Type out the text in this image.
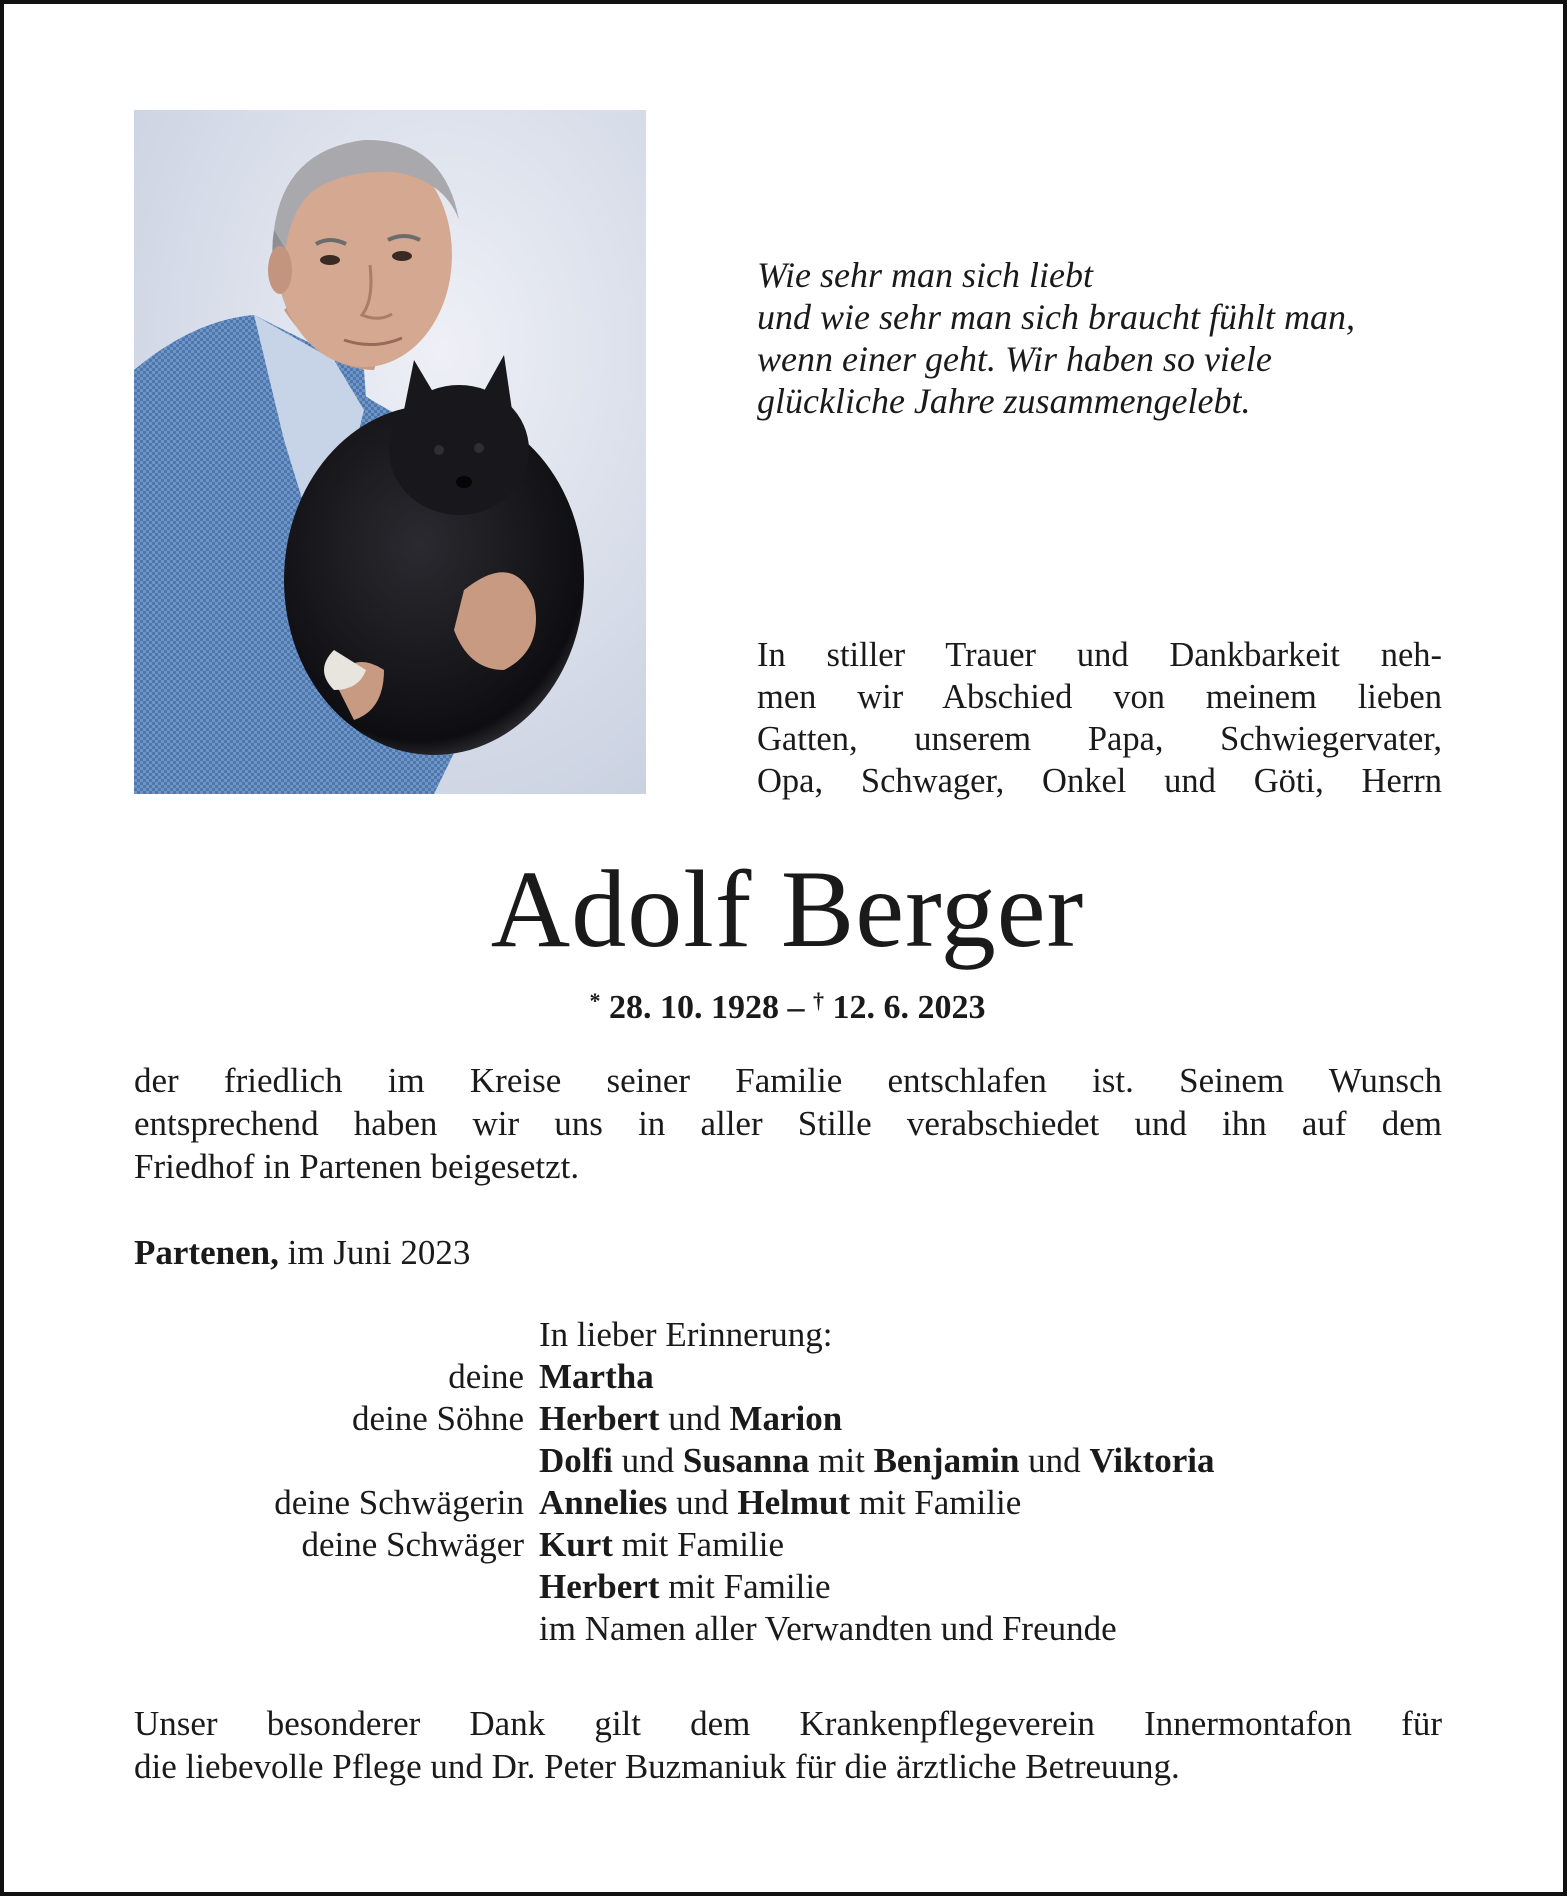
Wie sehr man sich liebt
und wie sehr man sich braucht fühlt man,
wenn einer geht. Wir haben so viele
glückliche Jahre zusammengelebt.
In stiller Trauer und Dankbarkeit neh-
men wir Abschied von meinem lieben
Gatten, unserem Papa, Schwiegervater,
Opa, Schwager, Onkel und Göti, Herrn
Adolf Berger
* 28. 10. 1928 – † 12. 6. 2023
der friedlich im Kreise seiner Familie entschlafen ist. Seinem Wunsch
entsprechend haben wir uns in aller Stille verabschiedet und ihn auf dem
Friedhof in Partenen beigesetzt.
Partenen, im Juni 2023
In lieber Erinnerung:
deine Martha
deine Söhne Herbert und Marion
Dolfi und Susanna mit Benjamin und Viktoria
deine Schwägerin Annelies und Helmut mit Familie
deine Schwäger Kurt mit Familie
Herbert mit Familie
im Namen aller Verwandten und Freunde
Unser besonderer Dank gilt dem Krankenpflegeverein Innermontafon für
die liebevolle Pflege und Dr. Peter Buzmaniuk für die ärztliche Betreuung.
